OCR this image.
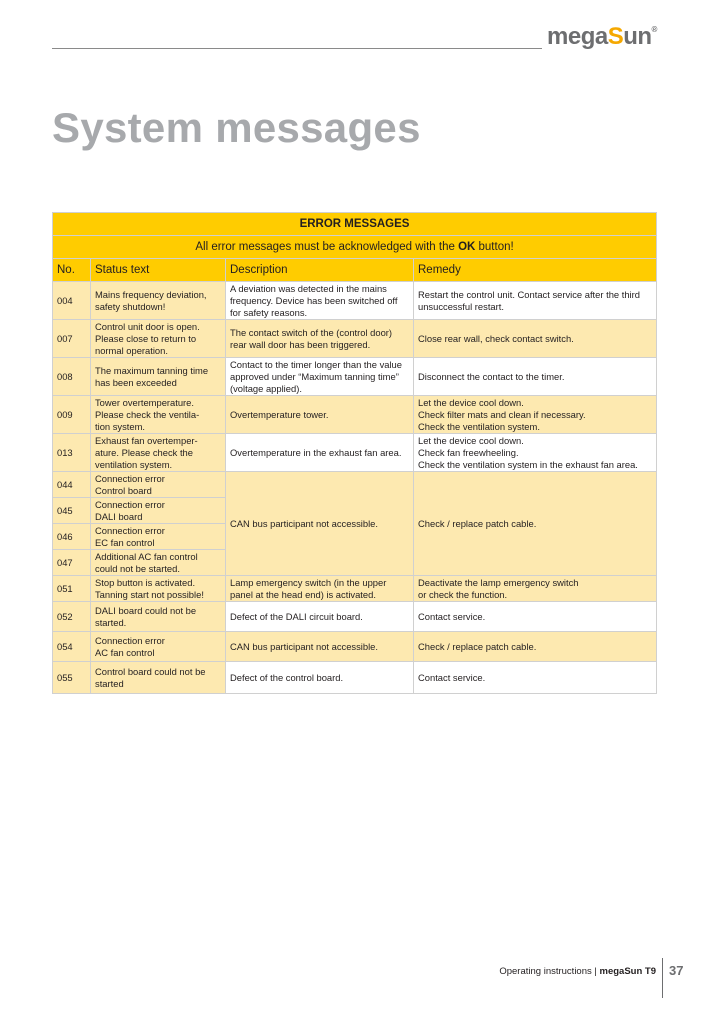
megaSun®
System messages
ERROR MESSAGES			
All error messages must be acknowledged with the OK button!			
No.	Status text	Description	Remedy
004	Mains frequency deviation,
safety shutdown!	A deviation was detected in the mains
frequency. Device has been switched off
for safety reasons.	Restart the control unit. Contact service after the third
unsuccessful restart.
007	Control unit door is open.
Please close to return to
normal operation.	The contact switch of the (control door)
rear wall door has been triggered.	Close rear wall, check contact switch.
008	The maximum tanning time
has been exceeded	Contact to the timer longer than the value
approved under “Maximum tanning time”
(voltage applied).	Disconnect the contact to the timer.
009	Tower overtemperature.
Please check the ventila-
tion system.	Overtemperature tower.	Let the device cool down.
Check filter mats and clean if necessary.
Check the ventilation system.
013	Exhaust fan overtemper-
ature. Please check the
ventilation system.	Overtemperature in the exhaust fan area.	Let the device cool down.
Check fan freewheeling.
Check the ventilation system in the exhaust fan area.
044	Connection error
Control board	CAN bus participant not accessible.	Check / replace patch cable.
045	Connection error
DALI board		
046	Connection error
EC fan control		
047	Additional AC fan control
could not be started.		
051	Stop button is activated.
Tanning start not possible!	Lamp emergency switch (in the upper
panel at the head end) is activated.	Deactivate the lamp emergency switch
or check the function.
052	DALI board could not be
started.	Defect of the DALI circuit board.	Contact service.
054	Connection error
AC fan control	CAN bus participant not accessible.	Check / replace patch cable.
055	Control board could not be
started	Defect of the control board.	Contact service.
Operating instructions | megaSun T9 37
